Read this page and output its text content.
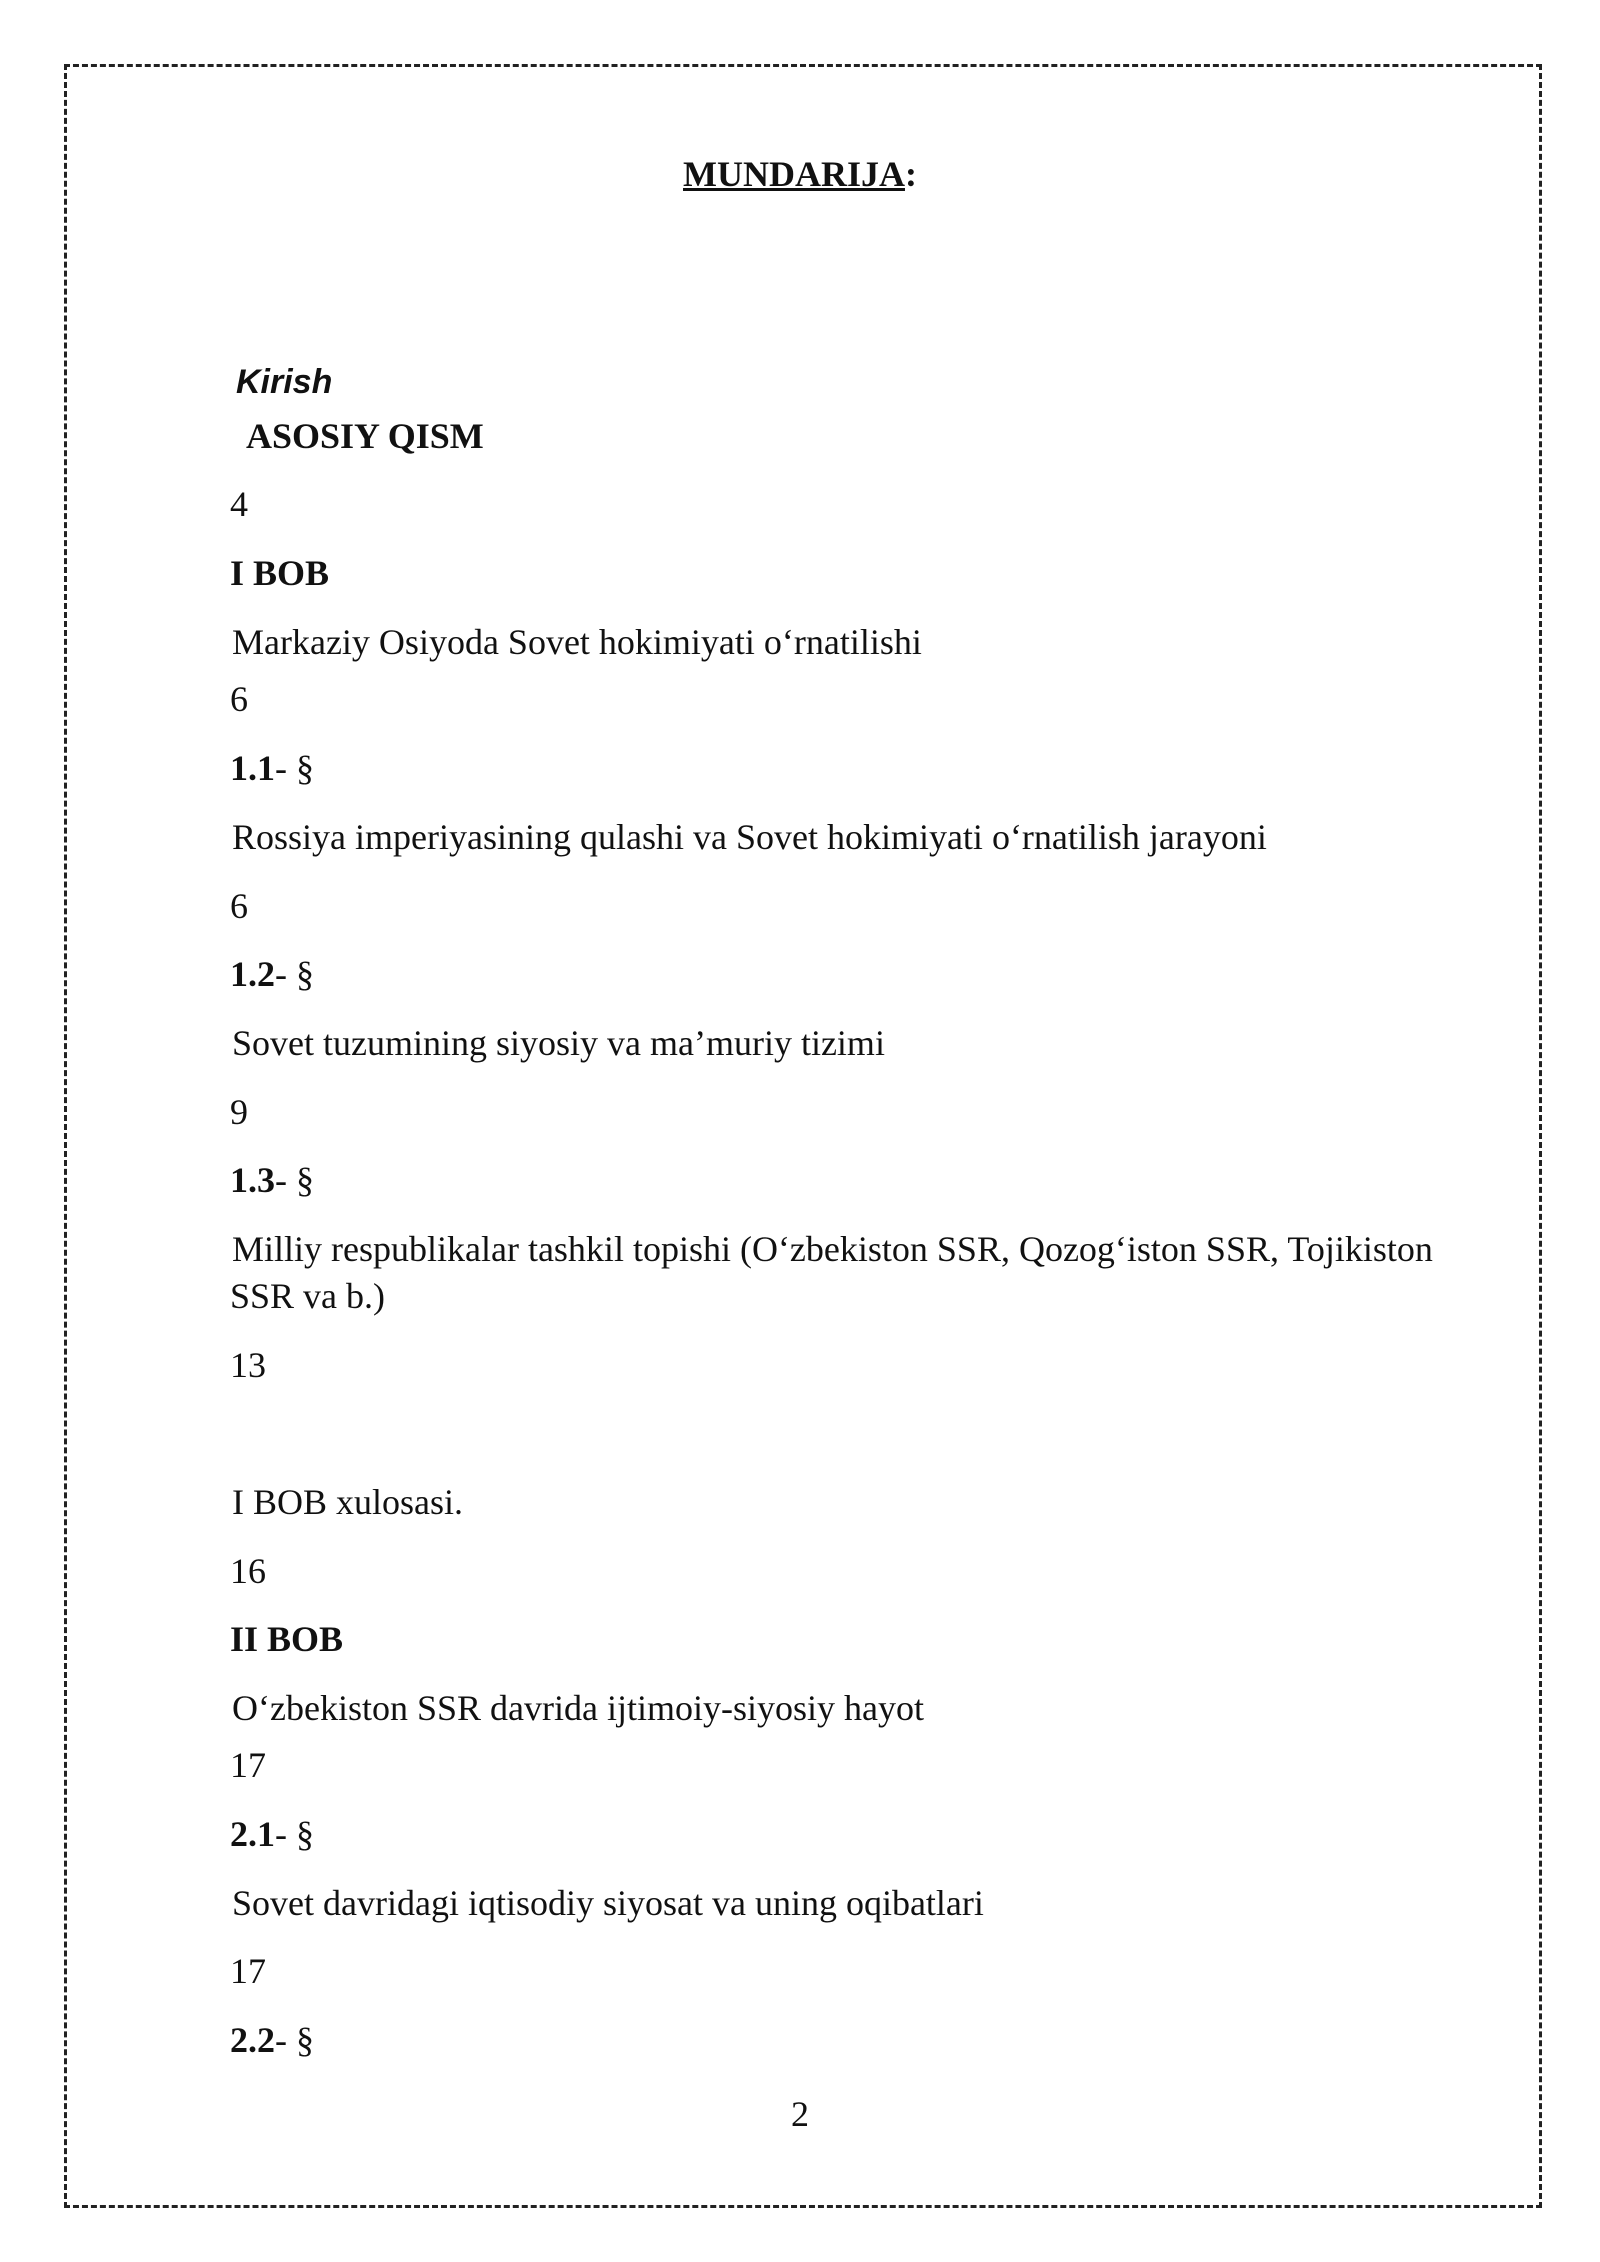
MUNDARIJA:
Kirish
ASOSIY QISM
4
I BOB
Markaziy Osiyoda Sovet hokimiyati o‘rnatilishi
6
1.1- §
Rossiya imperiyasining qulashi va Sovet hokimiyati o‘rnatilish jarayoni
6
1.2- §
Sovet tuzumining siyosiy va ma’muriy tizimi
9
1.3- §
Milliy respublikalar tashkil topishi (O‘zbekiston SSR, Qozog‘iston SSR, Tojikiston SSR va b.)
13
I BOB xulosasi.
16
II BOB
O‘zbekiston SSR davrida ijtimoiy-siyosiy hayot
17
2.1- §
Sovet davridagi iqtisodiy siyosat va uning oqibatlari
17
2.2- §
2
